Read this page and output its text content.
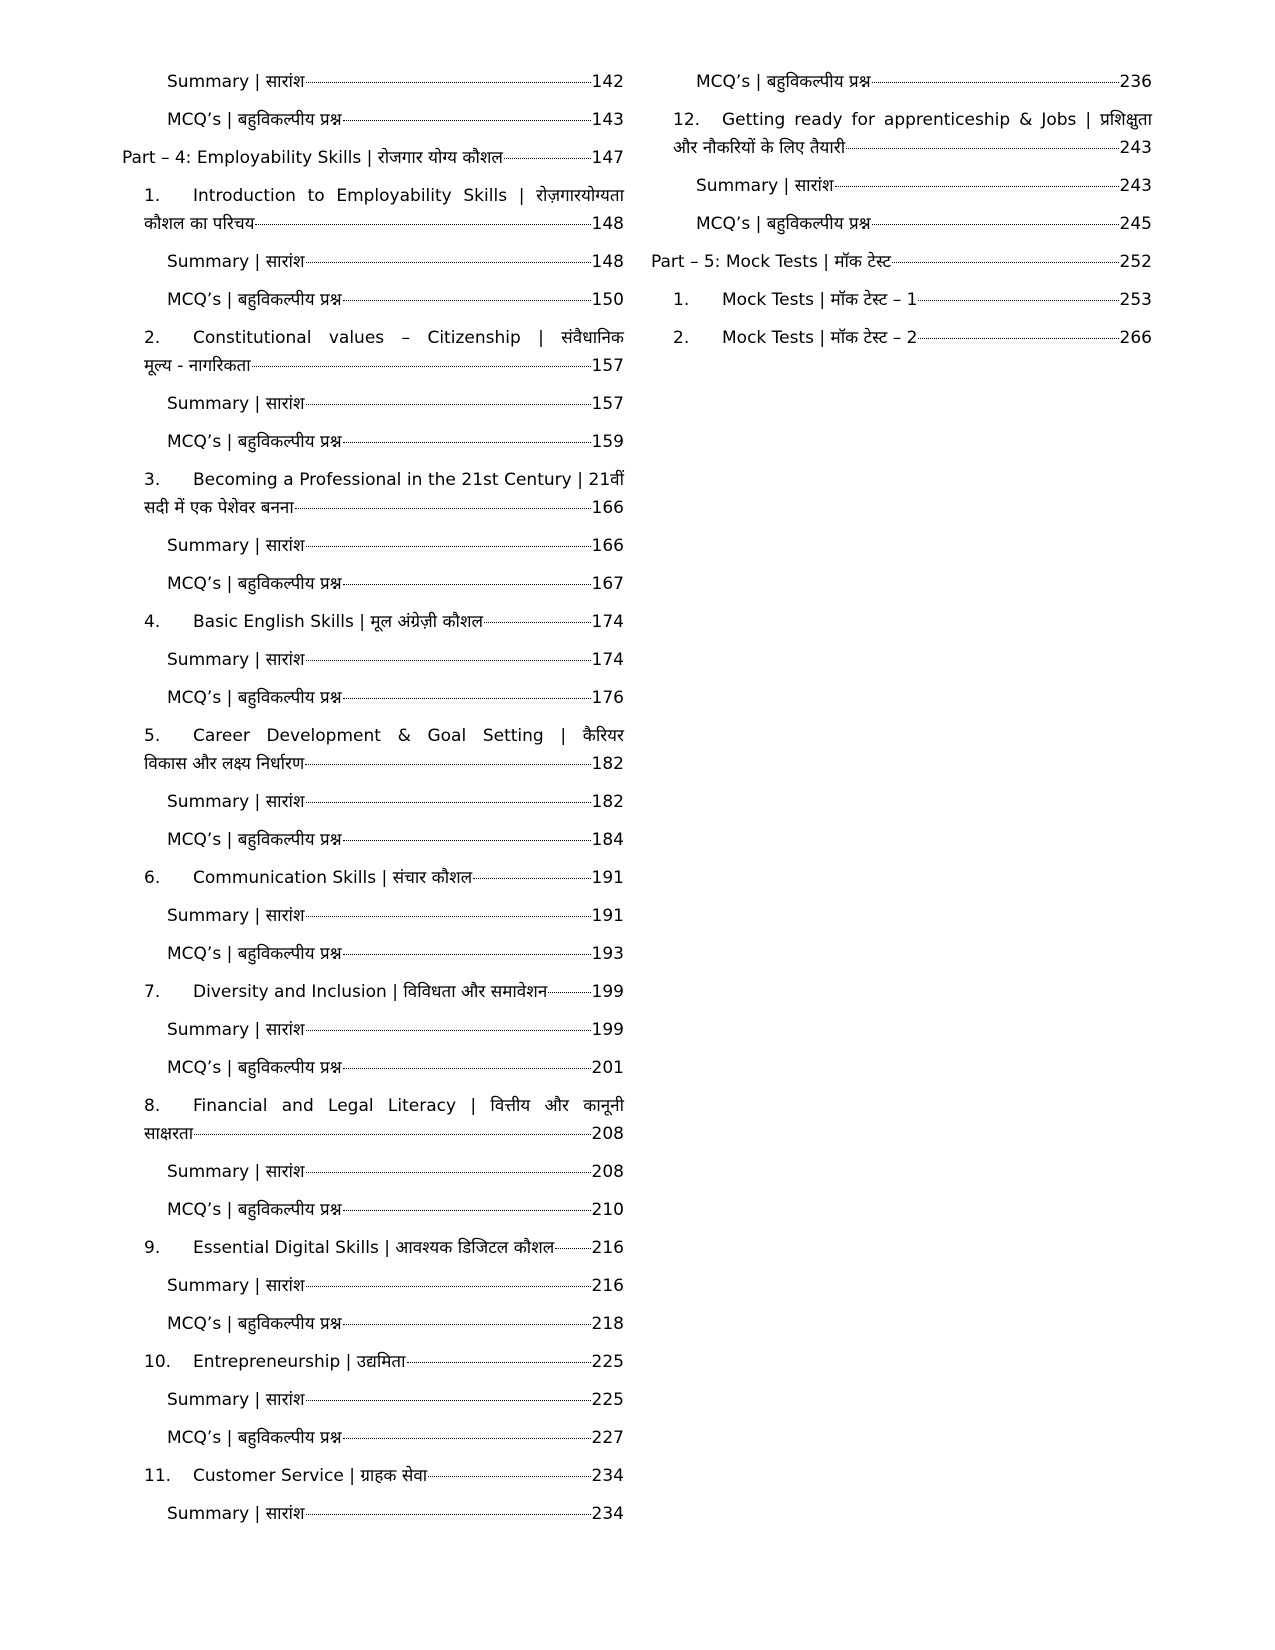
Summary | सारांश	142
MCQ’s | बहुविकल्पीय प्रश्न	143
Part – 4: Employability Skills | रोजगार योग्य कौशल	147
1.	Introduction to Employability Skills | रोज़गारयोग्यता
कौशल का परिचय	148
Summary | सारांश	148
MCQ’s | बहुविकल्पीय प्रश्न	150
2.	Constitutional values – Citizenship | संवैधानिक
मूल्य - नागरिकता	157
Summary | सारांश	157
MCQ’s | बहुविकल्पीय प्रश्न	159
3.	Becoming a Professional in the 21st Century | 21वीं
सदी में एक पेशेवर बनना	166
Summary | सारांश	166
MCQ’s | बहुविकल्पीय प्रश्न	167
4.	Basic English Skills | मूल अंग्रेज़ी कौशल	174
Summary | सारांश	174
MCQ’s | बहुविकल्पीय प्रश्न	176
5.	Career Development & Goal Setting | कैरियर
विकास और लक्ष्य निर्धारण	182
Summary | सारांश	182
MCQ’s | बहुविकल्पीय प्रश्न	184
6.	Communication Skills | संचार कौशल	191
Summary | सारांश	191
MCQ’s | बहुविकल्पीय प्रश्न	193
7.	Diversity and Inclusion | विविधता और समावेशन	199
Summary | सारांश	199
MCQ’s | बहुविकल्पीय प्रश्न	201
8.	Financial and Legal Literacy | वित्तीय और कानूनी
साक्षरता	208
Summary | सारांश	208
MCQ’s | बहुविकल्पीय प्रश्न	210
9.	Essential Digital Skills | आवश्यक डिजिटल कौशल 216
Summary | सारांश	216
MCQ’s | बहुविकल्पीय प्रश्न	218
10.	Entrepreneurship | उद्यमिता	225
Summary | सारांश	225
MCQ’s | बहुविकल्पीय प्रश्न	227
11.	Customer Service | ग्राहक सेवा	234
Summary | सारांश	234
MCQ’s | बहुविकल्पीय प्रश्न	236
12.	Getting ready for apprenticeship & Jobs | प्रशिक्षुता
और नौकरियों के लिए तैयारी	243
Summary | सारांश	243
MCQ’s | बहुविकल्पीय प्रश्न	245
Part – 5: Mock Tests | मॉक टेस्ट	252
1.	Mock Tests | मॉक टेस्ट – 1	253
2.	Mock Tests | मॉक टेस्ट – 2	266
